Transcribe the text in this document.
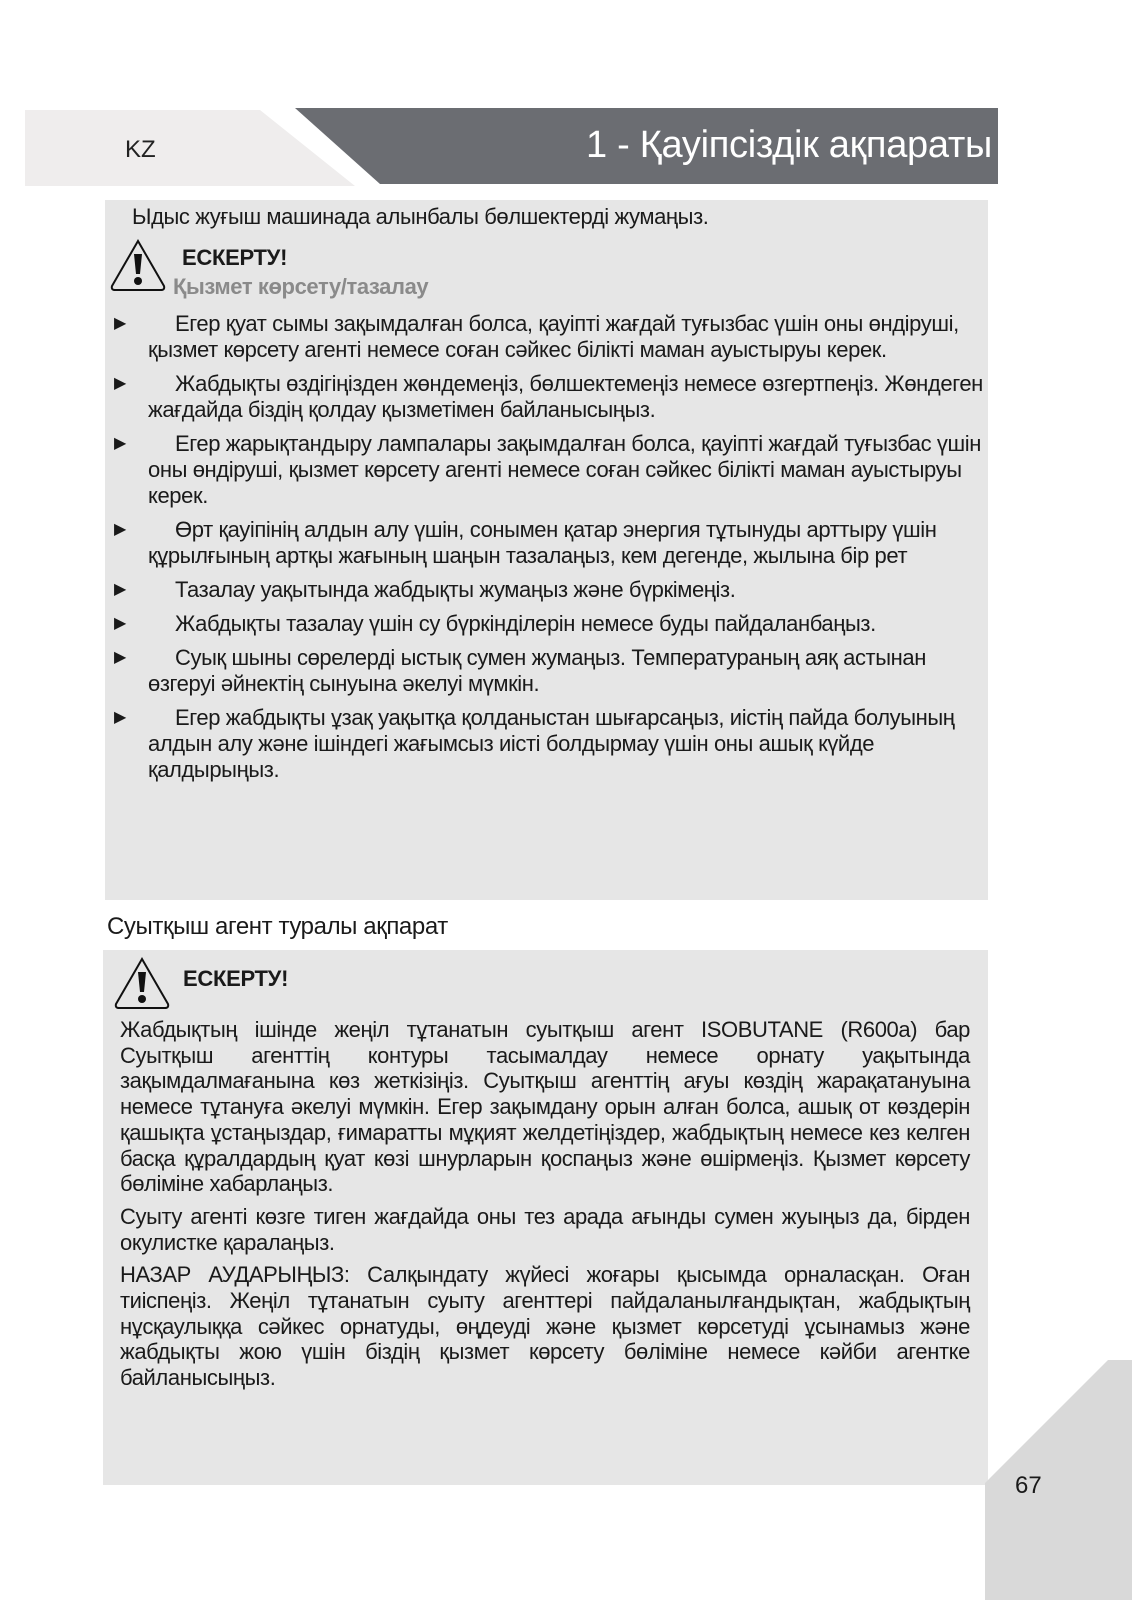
KZ	1 - Қауіпсіздік ақпараты
Ыдыс жуғыш машинада алынбалы бөлшектерді жумаңыз.
ЕСКЕРТУ!
Қызмет көрсету/тазалау
▶ Егер қуат сымы зақымдалған болса, қауіпті жағдай туғызбас үшін оны өндіруші, қызмет көрсету агенті немесе соған сәйкес білікті маман ауыстыруы керек.
▶ Жабдықты өздігіңізден жөндемеңіз, бөлшектемеңіз немесе өзгертпеңіз. Жөндеген жағдайда біздің қолдау қызметімен байланысыңыз.
▶ Егер жарықтандыру лампалары зақымдалған болса, қауіпті жағдай туғызбас үшін оны өндіруші, қызмет көрсету агенті немесе соған сәйкес білікті маман ауыстыруы керек.
▶ Өрт қауіпінің алдын алу үшін, сонымен қатар энергия тұтынуды арттыру үшін құрылғының артқы жағының шаңын тазалаңыз, кем дегенде, жылына бір рет
▶ Тазалау уақытында жабдықты жумаңыз және бүркімеңіз.
▶ Жабдықты тазалау үшін су бүркінділерін немесе буды пайдаланбаңыз.
▶ Суық шыны сөрелерді ыстық сумен жумаңыз. Температураның аяқ астынан өзгеруі әйнектің сынуына әкелуі мүмкін.
▶ Егер жабдықты ұзақ уақытқа қолданыстан шығарсаңыз, иістің пайда болуының алдын алу және ішіндегі жағымсыз иісті болдырмау үшін оны ашық күйде қалдырыңыз.
Суытқыш агент туралы ақпарат
ЕСКЕРТУ!

Жабдықтың ішінде жеңіл тұтанатын суытқыш агент ISOBUTANE (R600a) бар Суытқыш агенттің контуры тасымалдау немесе орнату уақытында зақымдалмағанына көз жеткізіңіз. Суытқыш агенттің ағуы көздің жарақатануына немесе тұтануға әкелуі мүмкін. Егер зақымдану орын алған болса, ашық от көздерін қашықта ұстаңыздар, ғимаратты мұқият желдетіңіздер, жабдықтың немесе кез келген басқа құралдардың қуат көзі шнурларын қоспаңыз және өшірмеңіз. Қызмет көрсету бөліміне хабарлаңыз.

Суыту агенті көзге тиген жағдайда оны тез арада ағынды сумен жуыңыз да, бірден окулистке қаралаңыз.

НАЗАР АУДАРЫҢЫЗ: Салқындату жүйесі жоғары қысымда орналасқан. Оған тиіспеңіз. Жеңіл тұтанатын суыту агенттері пайдаланылғандықтан, жабдықтың нұсқаулыққа сәйкес орнатуды, өңдеуді және қызмет көрсетуді ұсынамыз және жабдықты жою үшін біздің қызмет көрсету бөліміне немесе кәйби агентке байланысыңыз.

67
